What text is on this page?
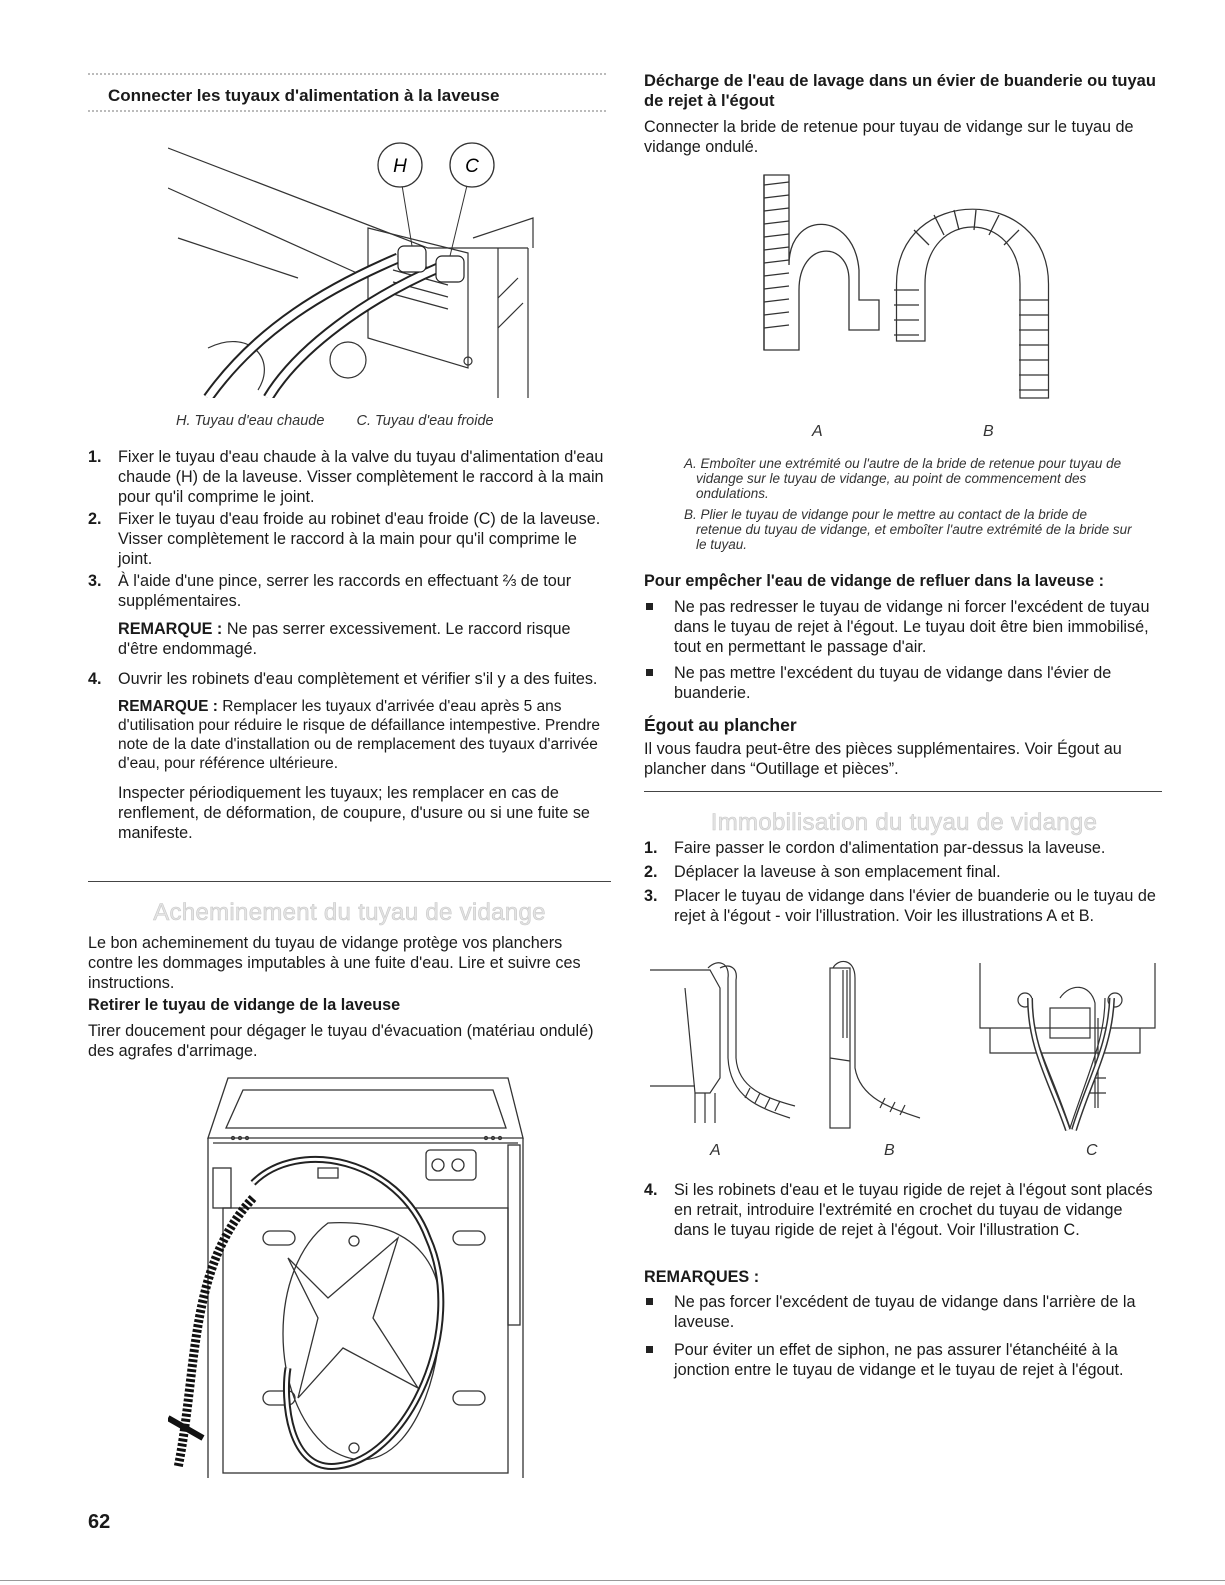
Connecter les tuyaux d'alimentation à la laveuse
H	C
H. Tuyau d'eau chaude C. Tuyau d'eau froide
1. Fixer le tuyau d'eau chaude à la valve du tuyau d'alimentation d'eau chaude (H) de la laveuse. Visser complètement le raccord à la main pour qu'il comprime le joint.
2. Fixer le tuyau d'eau froide au robinet d'eau froide (C) de la laveuse. Visser complètement le raccord à la main pour qu'il comprime le joint.
3. À l'aide d'une pince, serrer les raccords en effectuant ⅔ de tour supplémentaires.

REMARQUE : Ne pas serrer excessivement. Le raccord risque d'être endommagé.

4. Ouvrir les robinets d'eau complètement et vérifier s'il y a des fuites.

REMARQUE : Remplacer les tuyaux d'arrivée d'eau après 5 ans d'utilisation pour réduire le risque de défaillance intempestive. Prendre note de la date d'installation ou de remplacement des tuyaux d'arrivée d'eau, pour référence ultérieure.

Inspecter périodiquement les tuyaux; les remplacer en cas de renflement, de déformation, de coupure, d'usure ou si une fuite se manifeste.

Acheminement du tuyau de vidange

Le bon acheminement du tuyau de vidange protège vos planchers contre les dommages imputables à une fuite d'eau. Lire et suivre ces instructions.

Retirer le tuyau de vidange de la laveuse

Tirer doucement pour dégager le tuyau d'évacuation (matériau ondulé) des agrafes d'arrimage.

62

Décharge de l'eau de lavage dans un évier de buanderie ou tuyau de rejet à l'égout

Connecter la bride de retenue pour tuyau de vidange sur le tuyau de vidange ondulé.

A	B
A. Emboîter une extrémité ou l'autre de la bride de retenue pour tuyau de vidange sur le tuyau de vidange, au point de commencement des ondulations.
B. Plier le tuyau de vidange pour le mettre au contact de la bride de retenue du tuyau de vidange, et emboîter l'autre extrémité de la bride sur le tuyau.

Pour empêcher l'eau de vidange de refluer dans la laveuse :

Ne pas redresser le tuyau de vidange ni forcer l'excédent de tuyau dans le tuyau de rejet à l'égout. Le tuyau doit être bien immobilisé, tout en permettant le passage d'air.
Ne pas mettre l'excédent du tuyau de vidange dans l'évier de buanderie.

Égout au plancher

Il vous faudra peut-être des pièces supplémentaires. Voir Égout au plancher dans “Outillage et pièces”.

Immobilisation du tuyau de vidange
1. Faire passer le cordon d'alimentation par-dessus la laveuse.
2. Déplacer la laveuse à son emplacement final.
3. Placer le tuyau de vidange dans l'évier de buanderie ou le tuyau de rejet à l'égout - voir l'illustration. Voir les illustrations A et B.
A	B	C
4. Si les robinets d'eau et le tuyau rigide de rejet à l'égout sont placés en retrait, introduire l'extrémité en crochet du tuyau de vidange dans le tuyau rigide de rejet à l'égout. Voir l'illustration C.

REMARQUES :

Ne pas forcer l'excédent de tuyau de vidange dans l'arrière de la laveuse.
Pour éviter un effet de siphon, ne pas assurer l'étanchéité à la jonction entre le tuyau de vidange et le tuyau de rejet à l'égout.
